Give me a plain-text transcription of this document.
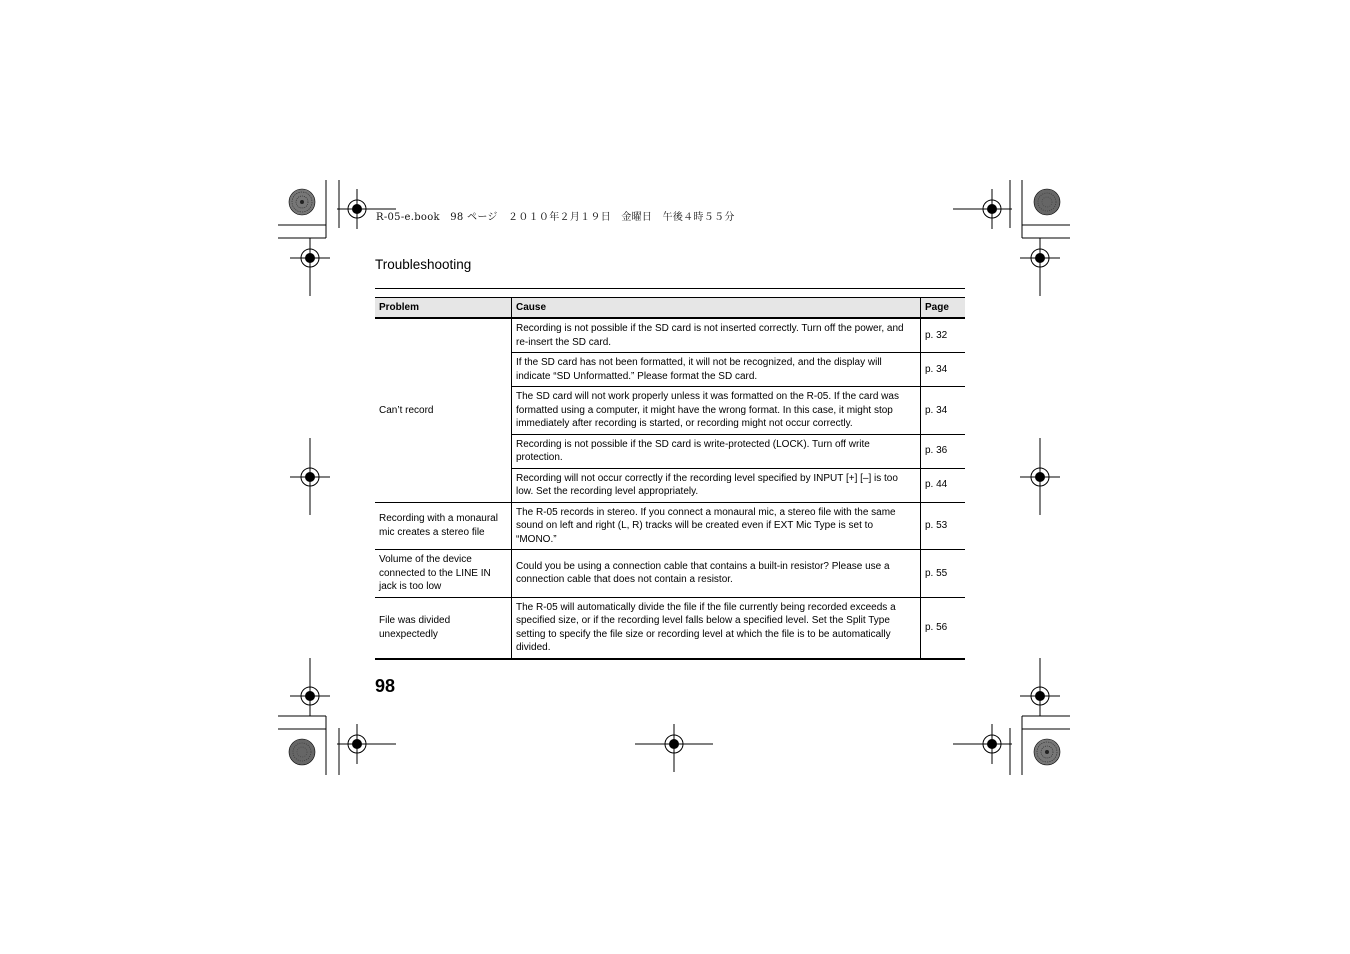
R-05-e.book　98 ページ　２０１０年２月１９日　金曜日　午後４時５５分
Troubleshooting
Problem	Cause	Page
Can’t record	Recording is not possible if the SD card is not inserted correctly. Turn off the power, and re-insert the SD card.	p. 32
	If the SD card has not been formatted, it will not be recognized, and the display will indicate “SD Unformatted.” Please format the SD card.	p. 34
	The SD card will not work properly unless it was formatted on the R-05. If the card was formatted using a computer, it might have the wrong format. In this case, it might stop immediately after recording is started, or recording might not occur correctly.	p. 34
	Recording is not possible if the SD card is write-protected (LOCK). Turn off write protection.	p. 36
	Recording will not occur correctly if the recording level specified by INPUT [+] [–] is too low. Set the recording level appropriately.	p. 44
Recording with a monaural mic creates a stereo file	The R-05 records in stereo. If you connect a monaural mic, a stereo file with the same sound on left and right (L, R) tracks will be created even if EXT Mic Type is set to “MONO.”	p. 53
Volume of the device connected to the LINE IN jack is too low	Could you be using a connection cable that contains a built-in resistor? Please use a connection cable that does not contain a resistor.	p. 55
File was divided unexpectedly	The R-05 will automatically divide the file if the file currently being recorded exceeds a specified size, or if the recording level falls below a specified level. Set the Split Type setting to specify the file size or recording level at which the file is to be automatically divided.	p. 56
98
